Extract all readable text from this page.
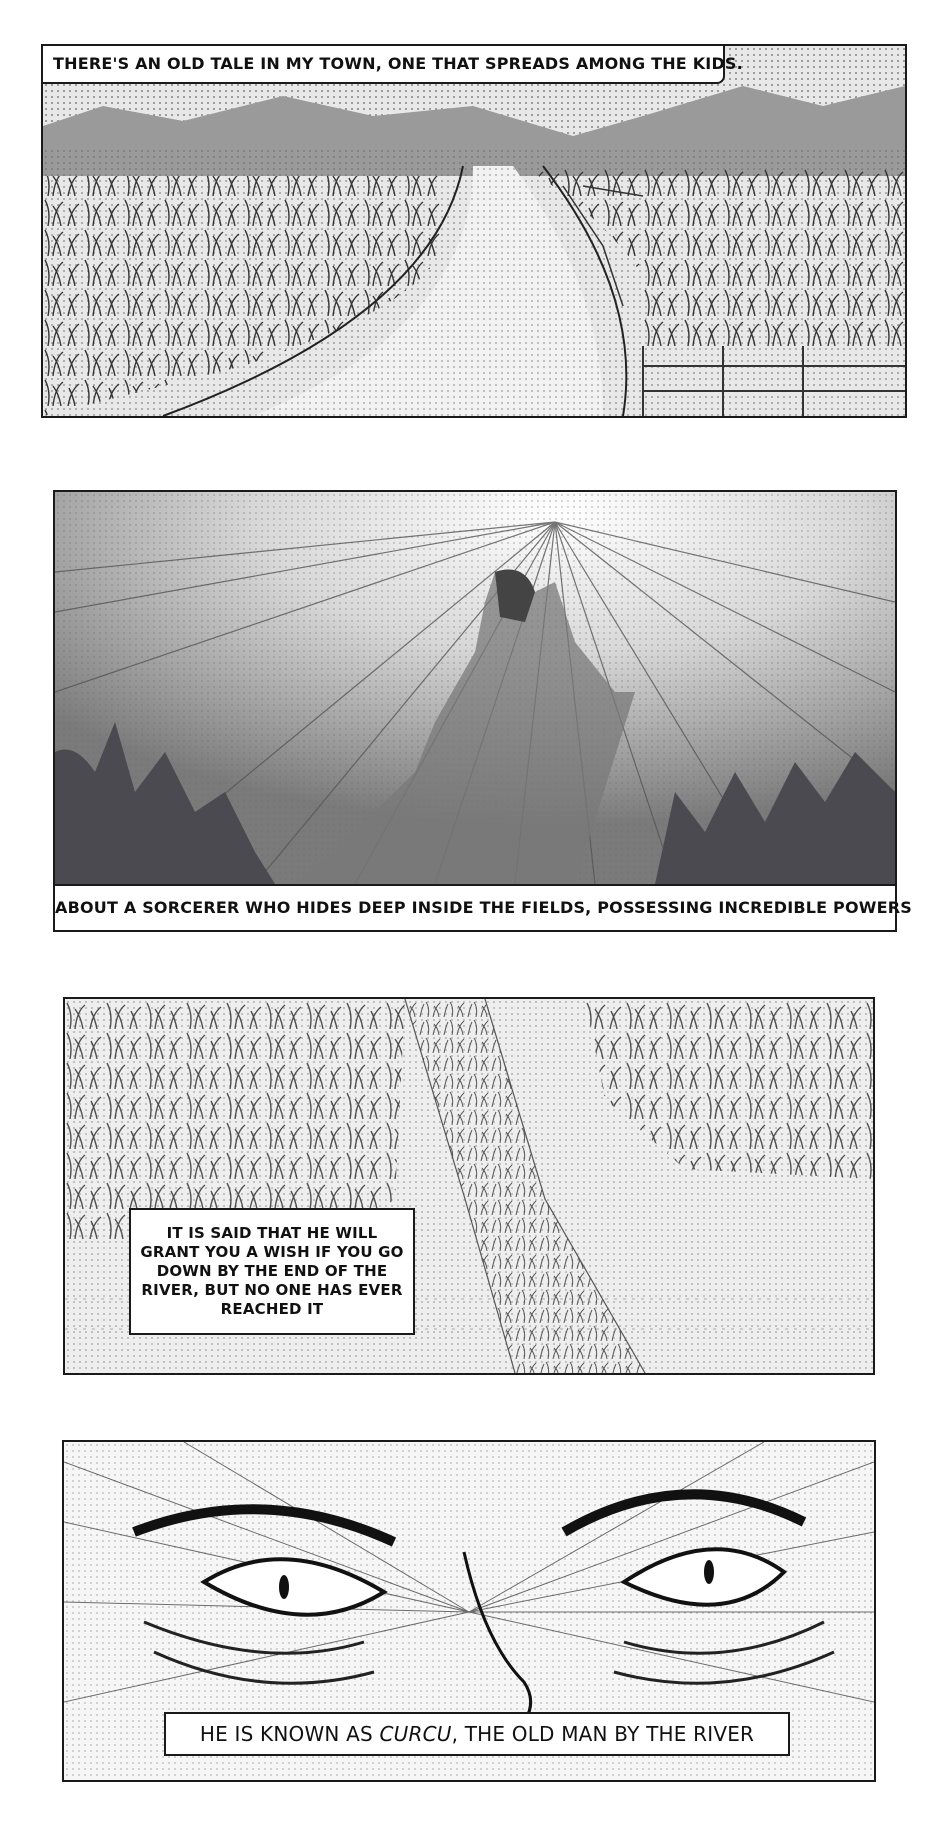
THERE'S AN OLD TALE IN MY TOWN, ONE THAT SPREADS AMONG THE KIDS.
ABOUT A SORCERER WHO HIDES DEEP INSIDE THE FIELDS, POSSESSING INCREDIBLE POWERS
IT IS SAID THAT HE WILL GRANT YOU A WISH IF YOU GO DOWN BY THE END OF THE RIVER, BUT NO ONE HAS EVER REACHED IT
HE IS KNOWN AS CURCU, THE OLD MAN BY THE RIVER
